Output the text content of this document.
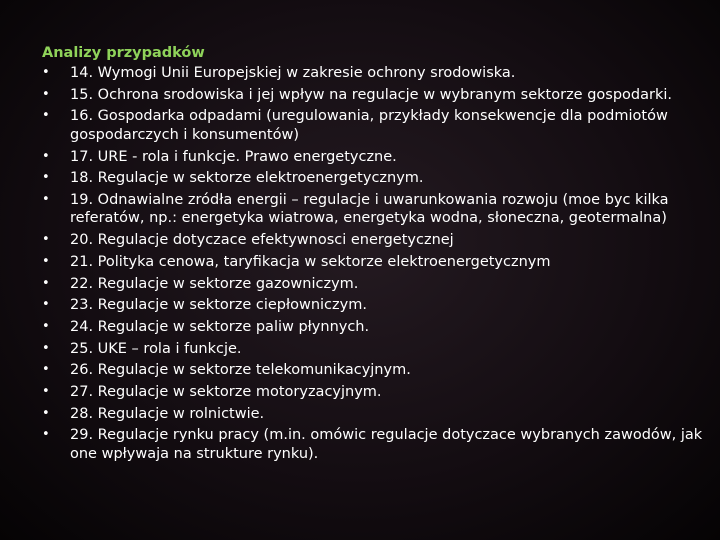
Analizy przypadków
• 14. Wymogi Unii Europejskiej w zakresie ochrony srodowiska.
• 15. Ochrona srodowiska i jej wpływ na regulacje w wybranym sektorze gospodarki.
• 16. Gospodarka odpadami (uregulowania, przykłady konsekwencje dla podmiotów gospodarczych i konsumentów)
• 17. URE - rola i funkcje. Prawo energetyczne.
• 18. Regulacje w sektorze elektroenergetycznym.
• 19. Odnawialne zródła energii – regulacje i uwarunkowania rozwoju (moe byc kilka referatów, np.: energetyka wiatrowa, energetyka wodna, słoneczna, geotermalna)
• 20. Regulacje dotyczace efektywnosci energetycznej
• 21. Polityka cenowa, taryfikacja w sektorze elektroenergetycznym
• 22. Regulacje w sektorze gazowniczym.
• 23. Regulacje w sektorze ciepłowniczym.
• 24. Regulacje w sektorze paliw płynnych.
• 25. UKE – rola i funkcje.
• 26. Regulacje w sektorze telekomunikacyjnym.
• 27. Regulacje w sektorze motoryzacyjnym.
• 28. Regulacje w rolnictwie.
• 29. Regulacje rynku pracy (m.in. omówic regulacje dotyczace wybranych zawodów, jak one wpływaja na strukture rynku).
